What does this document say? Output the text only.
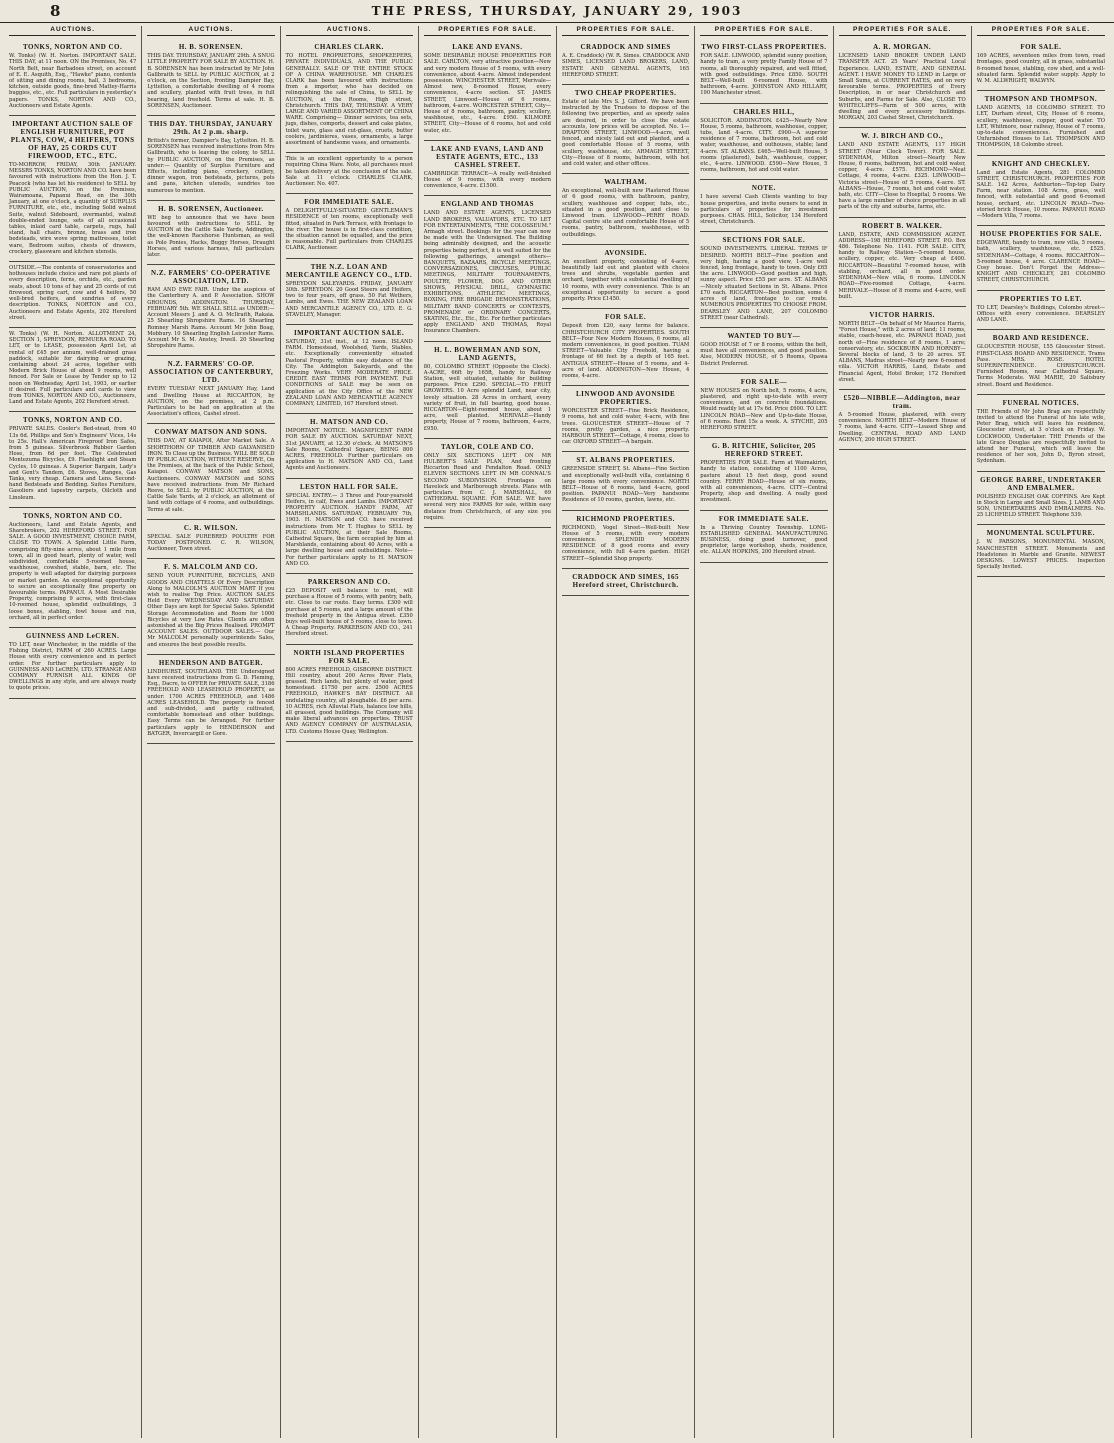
8	THE PRESS, THURSDAY, JANUARY 29, 1903
AUCTIONS.
TONKS, NORTON AND CO.

W. Tonks) (W. H. Norton. IMPORTANT SALE. THIS DAY, at 11 noon. ON the Premises, No. 47 North Belt, near Barbadoes street, on account of E. E. Asquith, Esq., "Hawke" piano, contents of sitting and dining rooms, hall, 3 bedrooms, kitchen, outside goods, fine-bred Mattey-Harris buggies, etc., etc. Full particulars in yesterday's papers. TONKS, NORTON AND CO., Auctioneers and Estate Agents.

IMPORTANT AUCTION SALE OF ENGLISH FURNITURE, POT PLANTS, COW, 4 HEIFERS, TONS OF HAY, 25 CORDS CUT FIREWOOD, ETC., ETC.

TO-MORROW, FRIDAY, 30th JANUARY. MESSRS TONKS, NORTON AND CO. have been favoured with instructions from the Hon. J. T. Peacock (who has let his residence) to SELL by PUBLIC AUCTION, on the Premises, Wairamoana, Papanui Road, on the 30th January, at one o'clock, a quantity of SURPLUS FURNITURE, etc., etc., including Solid walnut Suite, walnut Sideboard, overmantel, walnut double-ended lounge, sets of all occasional tables, inlaid card table, carpets, rugs, hall stand, hall chairs, bronze, brass and iron bedsteads, wire wove spring mattresses, toilet ware, Bedroom suites, chests of drawers, crockery, glassware and kitchen utensils.

OUTSIDE.—The contents of conservatories and hothouses include choice and rare pot plants of every description, ferns, orchids, etc., garden seats, about 10 tons of hay and 25 cords of cut firewood, spring cart, cow and 4 heifers, 50 well-bred heifers, and sundries of every description. TONKS, NORTON and CO., Auctioneers and Estate Agents, 202 Hereford street.

W. Tonks) (W. H. Norton. ALLOTMENT 24, SECTION 1, SPREYDON, REMUERA ROAD. TO LET, or to LEASE, possession April 1st, at rental of £45 per annum, well-drained grass paddock, suitable for dairying or grazing, containing about 24 acres, together with Modern Brick House of about 9 rooms, well fenced. For Sale or Lease by Tender up to 12 noon on Wednesday, April 1st, 1903, or earlier if desired. Full particulars and cards to view from TONKS, NORTON AND CO., Auctioneers, Land and Estate Agents, 202 Hereford street.

TONKS, NORTON AND CO.

PRIVATE SALES. Cooler's Bed-stead, from 40 13s 6d. Phillips and Son's Engineers' Vices, 14s to 25s. Hall's American Fireproof Iron Safes, from 5 guineas. Silverbrook Rubber Garden Hose, from 6d per foot. The Celebrated Montezuma Bicycles, £9. Flashlight and Steam Cycles, 10 guineas. A Superior Bargain, Lady's and Gent's Tandem, £6. Stoves, Ranges, Gas Tanks, very cheap. Camera and Lens. Second-hand Bedsteads and Bedding. Suites Furniture, Gasoliers and tapestry carpets, Oilcloth and Linoleum.

TONKS, NORTON AND CO.

Auctioneers, Land and Estate Agents, and Sharebrokers, 202 HEREFORD STREET. FOR SALE. A GOOD INVESTMENT, CHOICE FARM, CLOSE TO TOWN. A Splendid Little Farm, comprising fifty-nine acres, about 1 mile from town, all in good heart, plenty of water, well subdivided, comfortable 5-roomed house, washhouse, cowshed, stable, barn, etc. The property is well adapted for dairying purposes or market garden. An exceptional opportunity to secure an exceptionally fine property on favourable terms. PAPANUI. A Most Desirable Property, comprising 9 acres, with first-class 10-roomed house, splendid outbuildings, 3 loose boxes, stabling, fowl house and run, orchard, all in perfect order.

GUINNESS AND LeCREN.

TO LET, near Winchester, in the middle of the Fishing District, FARM of 260 ACRES. Large House with every convenience and in perfect order. For further particulars apply to GUINNESS AND LeCREN, LTD. STRANGE AND COMPANY FURNISH ALL KINDS OF DWELLINGS in any style, and are always ready to quote prices.

AUCTIONS.
H. B. SORENSEN.

THIS DAY. THURSDAY, JANUARY 29th. A SNUG LITTLE PROPERTY FOR SALE BY AUCTION. H. B. SORENSEN has been instructed by Mr John Gallbraith to SELL by PUBLIC AUCTION, at 2 o'clock, on the Section, fronting Dampier Bay, Lyttelton, a comfortable dwelling of 4 rooms and scullery, planted with fruit trees, in full bearing, land freehold. Terms at sale. H. B. SORENSEN, Auctioneer.

THIS DAY. THURSDAY, JANUARY 29th. At 2 p.m. sharp.

British's former, Dampier's Bay, Lyttelton. H. B. SORENSEN has received instructions from Mrs Gallbraith, who is leaving the colony, to SELL by PUBLIC AUCTION, on the Premises, as under:— Quantity of Surplus Furniture and Effects, including piano, crockery, cutlery, dinner wagon, iron bedsteads, pictures, pots and pans, kitchen utensils, sundries too numerous to mention.

H. B. SORENSEN, Auctioneer.

WE beg to announce that we have been favoured with instructions to SELL by AUCTION at the Cattle Sale Yards, Addington, the well-known Racehorse Huntsman, as well as Polo Ponies, Hacks, Buggy Horses, Draught Horses, and various harness, full particulars later.

N.Z. FARMERS' CO-OPERATIVE ASSOCIATION, LTD.

RAM AND EWE FAIR. Under the auspices of the Canterbury A. and P. Association. SHOW GROUNDS, ADDINGTON. THURSDAY, FEBRUARY 5th. WE SHALL SELL as UNDER:— Account Messrs J. and A. O. McIlraith, Rakaia. 25 Shearling Shropshire Rams. 16 Shearling Romney Marsh Rams. Account Mr John Boag, Mobbury. 10 Shearling English Leicester Rams. Account Mr S. M. Anstey, Irwell. 20 Shearling Shropshire Rams.

N.Z. FARMERS' CO-OP. ASSOCIATION OF CANTERBURY, LTD.

EVERY TUESDAY NEXT JANUARY Hay, Land and Dwelling House at RICCARTON, by AUCTION, on the premises, at 2 p.m. Particulars to be had on application at the Association's offices, Cashel street.

CONWAY MATSON AND SONS.

THIS DAY, AT KAIAPOI, After Market Sale. A SHORTHORN OF TIMBER AND GALVANISED IRON. To Close up the Business. WILL BE SOLD BY PUBLIC AUCTION, WITHOUT RESERVE, On the Premises, at the back of the Public School, Kaiapoi. CONWAY MATSON and SONS, Auctioneers. CONWAY MATSON and SONS have received instructions from Mr Richard Reeve, to SELL by PUBLIC AUCTION, at the Cattle Sale Yards, at 2 o'clock, an allotment of land with cottage of 4 rooms, and outbuildings. Terms at sale.

C. R. WILSON.

SPECIAL SALE PUREBRED POULTRY FOR TODAY POSTPONED. C. R. WILSON, Auctioneer, Town street.

F. S. MALCOLM AND CO.

SEND YOUR FURNITURE, BICYCLES, AND GOODS AND CHATTELS Of Every Description Along to MALCOLM'S AUCTION MART If you wish to realise Top Price. AUCTION SALES Held Every WEDNESDAY AND SATURDAY. Other Days are kept for Special Sales. Splendid Storage Accommodation and Room for 1000 Bicycles at very Low Rates. Clients are often astonished at the Big Prices Realised. PROMPT ACCOUNT SALES. OUTDOOR SALES.— Our Mr MALCOLM personally superintends Sales, and ensures the best possible results.

HENDERSON AND BATGER.

LINDHURST, SOUTHLAND. THE Undersigned have received instructions from G. D. Fleming, Esq., Dacre, to OFFER for PRIVATE SALE, 3186 FREEHOLD AND LEASEHOLD PROPERTY, as under: 1700 ACRES FREEHOLD, and 1486 ACRES LEASEHOLD. The property is fenced and sub-divided, and partly cultivated, comfortable homestead and other buildings. Easy Terms can be Arranged. For further particulars apply to HENDERSON and BATGER, Invercargill or Gore.

AUCTIONS.
CHARLES CLARK.

TO HOTEL PROPRIETORS, SHOPKEEPERS, PRIVATE INDIVIDUALS, AND THE PUBLIC GENERALLY. SALE OF THE ENTIRE STOCK OF A CHINA WAREHOUSE. MR CHARLES CLARK has been favoured with instructions from a importer, who has decided on relinquishing the sale of China, to SELL by AUCTION, at the Rooms, High street, Christchurch. THIS DAY, THURSDAY. A VERY LARGE AND VARIED ASSORTMENT OF CHINA WARE. Comprising— Dinner services, tea sets, jugs, dishes, comports, dessert and cake plates, toilet ware, glass and cut-glass, cruets, butter coolers, jardinieres, vases, ornaments, a large assortment of handsome vases, and ornaments.

This is an excellent opportunity to a person requiring China Ware. Note, all purchases must be taken delivery at the conclusion of the sale. Sale at 11 o'clock. CHARLES CLARK, Auctioneer. No. 407.

FOR IMMEDIATE SALE.

A DELIGHTFULLY-SITUATED GENTLEMAN'S RESIDENCE of ten rooms, exceptionally well fitted, situated in Park Terrace, with frontage to the river. The house is in first-class condition, the situation cannot be equalled, and the price is reasonable. Full particulars from CHARLES CLARK, Auctioneer.

THE N.Z. LOAN AND MERCANTILE AGENCY CO., LTD.

SPREYDON SALEYARDS. FRIDAY, JANUARY 30th. SPREYDON. 20 Good Steers and Heifers, two to four years, off grass. 50 Fat Wethers, Lambs, and Ewes. THE NEW ZEALAND LOAN AND MERCANTILE AGENCY CO., LTD. E. G. STAVELEY, Manager.

IMPORTANT AUCTION SALE.

SATURDAY, 31st inst., at 12 noon. ISLAND FARM. Homestead, Woolshed, Yards, Stables, etc. Exceptionally conveniently situated Pastoral Property, within easy distance of the City. The Addington Saleyards, and the Freezing Works. VERY MODERATE PRICE. CREDIT. EASY TERMS FOR PAYMENT. Full CONDITIONS of SALE may be seen on application at the City Office of the NEW ZEALAND LOAN AND MERCANTILE AGENCY COMPANY, LIMITED, 167 Hereford street.

H. MATSON AND CO.

IMPORTANT NOTICE. MAGNIFICENT FARM FOR SALE BY AUCTION. SATURDAY NEXT, 31st JANUARY, at 12.30 o'clock. At MATSON'S Sale Rooms, Cathedral Square, BEING 800 ACRES, FREEHOLD. Further particulars on application to H. MATSON AND CO., Land Agents and Auctioneers.

LESTON HALL FOR SALE.

SPECIAL ENTRY.— 3 Three and Four-yearsold Heifers, in calf, Ewes and Lambs. IMPORTANT PROPERTY AUCTION. HANDY FARM, AT MARSHLANDS. SATURDAY, FEBRUARY 7th, 1903. H. MATSON and CO. have received instructions from Mr T. Hughes to SELL by PUBLIC AUCTION, at their Sale Rooms, Cathedral Square, the farm occupied by him at Marshlands, containing about 40 Acres, with a large dwelling house and outbuildings. Note—For further particulars apply to H. MATSON AND CO.

PARKERSON AND CO.

£25 DEPOSIT will balance to rent, will purchase a House of 5 rooms, with pantry, bath, etc. Close to car route. Easy terms. £300 will purchase at 5 rooms, and a large amount of the freehold property in the Antigua street. £350 buys well-built house of 5 rooms, close to town. A Cheap Property. PARKERSON AND CO., 241 Hereford street.

NORTH ISLAND PROPERTIES FOR SALE.

800 ACRES FREEHOLD, GISBORNE DISTRICT. Hill country, about 200 Acres River Flats, grassed. Rich lands, but plenty of water, good homestead. £1750 per acre. 2500 ACRES FREEHOLD, HAWKE'S BAY DISTRICT. All undulating country, all ploughable. £6 per acre. 10 ACRES, rich Alluvial Flats, balance low hills, all grassed, good buildings. The Company will make liberal advances on properties. TRUST AND AGENCY COMPANY OF AUSTRALASIA, LTD. Customs House Quay, Wellington.

PROPERTIES FOR SALE.
LAKE AND EVANS.

SOME DESIRABLE HOUSE PROPERTIES FOR SALE. CARLTON, very attractive position—New and very modern House of 5 rooms, with every convenience, about 4-acre. Almost independent possession. WINCHESTER STREET, Merivale—Almost new, 8-roomed House, every convenience, 4-acre section. ST. JAMES STREET, Linwood—House of 6 rooms, bathroom, 4-acre. WORCESTER STREET, City—House of 8 rooms, bathroom, pantry, scullery, washhouse, etc., 4-acre. £950. KILMORE STREET, City—House of 6 rooms, hot and cold water, etc.

LAKE AND EVANS, LAND AND ESTATE AGENTS, ETC., 133 CASHEL STREET.

CAMBRIDGE TERRACE—A really well-finished House of 9 rooms, with every modern convenience, 4-acre. £1500.

ENGLAND AND THOMAS

LAND AND ESTATE AGENTS, LICENSED LAND BROKERS, VALUATORS, ETC. TO LET FOR ENTERTAINMENTS, "THE COLOSSEUM." Armagh street. Bookings for the year can now be made with the Undersigned. The Building being admirably designed, and the acoustic properties being perfect, it is well suited for the following gatherings, amongst others— BANQUETS, BAZAARS, BICYCLE MEETINGS, CONVERSAZIONES, CIRCUSES, PUBLIC MEETINGS, MILITARY TOURNAMENTS, POULTRY, FLOWER, DOG AND OTHER SHOWS, PHYSICAL DRILL, GYMNASTIC EXHIBITIONS, ATHLETIC MEETINGS, BOXING, FIRE BRIGADE DEMONSTRATIONS, MILITARY BAND CONCERTS or CONTESTS, PROMENADE or ORDINARY CONCERTS, SKATING, Etc., Etc., Etc. For further particulars apply ENGLAND AND THOMAS, Royal Insurance Chambers.

H. L. BOWERMAN AND SON, LAND AGENTS,

80, COLOMBO STREET (Opposite the Clock). A-ACRE, 66ft by 165ft, handy to Railway Station, well situated, suitable for building purposes. Price £290. SPECIAL—TO FRUIT GROWERS. 10 Acre splendid Land, near city, lovely situation. 28 Acres in orchard, every variety of fruit, in full bearing, good house. RICCARTON—Eight-roomed house, about 1 acre, well planted. MERIVALE—Handy property, House of 7 rooms, bathroom, 4-acre, £950.

TAYLOR, COLE AND CO.

ONLY SIX SECTIONS LEFT ON MR HULBERT'S SALE PLAN, And fronting Riccarton Road and Fendalton Road. ONLY ELEVEN SECTIONS LEFT IN MR CONNAL'S SECOND SUBDIVISION. Frontages on Havelock and Marlborough streets. Plans with particulars from C. J. MARSHALL, 69 CATHEDRAL SQUARE. FOR SALE. WE have several very nice FARMS for sale, within easy distance from Christchurch, of any size you require.

PROPERTIES FOR SALE.
CRADDOCK AND SIMES

A. E. Craddock) (W. R. Simes. CRADDOCK AND SIMES, LICENSED LAND BROKERS, LAND, ESTATE AND GENERAL AGENTS, 165 HEREFORD STREET.

TWO CHEAP PROPERTIES.

Estate of late Mrs S. J. Gifford. We have been instructed by the Trustees to dispose of the following two properties, and as speedy sales are desired, in order to close the estate accounts, low prices will be accepted. No. 1—DRAPTON STREET, LINWOOD—4-acre, well fenced, and nicely laid out and planted, and a good comfortable House of 5 rooms, with scullery, washhouse, etc. ARMAGH STREET, City—House of 8 rooms, bathroom, with hot and cold water, and other offices.

WALTHAM.

An exceptional, well-built new Plastered House of 6 good rooms, with bathroom, pantry, scullery, washhouse and copper, tubs, etc., situated in a good position, and close to Linwood tram. LINWOOD—PERRY ROAD. Capital centre site and comfortable House of 5 rooms, pantry, bathroom, washhouse, with outbuildings.

AVONSIDE.

An excellent property, consisting of 4-acre, beautifully laid out and planted with choice trees and shrubs, vegetable garden and orchard, together with a substantial dwelling of 10 rooms, with every convenience. This is an exceptional opportunity to secure a good property. Price £1450.

FOR SALE.

Deposit from £20, easy terms for balance. CHRISTCHURCH CITY PROPERTIES. SOUTH BELT—Four New Modern Houses, 6 rooms, all modern conveniences, in good position. TUAM STREET—Valuable City Freehold, having a frontage of 66 feet by a depth of 165 feet. ANTIGUA STREET—House of 5 rooms, and 4-acre of land. ADDINGTON—New House, 4 rooms, 4-acre.

LINWOOD AND AVONSIDE PROPERTIES.

WORCESTER STREET—Fine Brick Residence, 9 rooms, hot and cold water, 4-acre, with fine trees. GLOUCESTER STREET—House of 7 rooms, pretty garden, a nice property. HARBOUR STREET—Cottage, 4 rooms, close to car. OXFORD STREET—A bargain.

ST. ALBANS PROPERTIES.

GREENSIDE STREET, St. Albans—Fine Section and exceptionally well-built villa, containing 6 large rooms with every convenience. NORTH BELT—House of 6 rooms, land 4-acre, good position. PAPANUI ROAD—Very handsome Residence of 10 rooms, garden, lawns, etc.

RICHMOND PROPERTIES.

RICHMOND, Vogel Street—Well-built New House of 5 rooms, with every modern convenience. SPLENDID MODERN RESIDENCE of 8 good rooms and every convenience, with full 4-acre garden. HIGH STREET—Splendid Shop property.

CRADDOCK AND SIMES, 165 Hereford street, Christchurch.
PROPERTIES FOR SALE.
TWO FIRST-CLASS PROPERTIES.

FOR SALE. LINWOOD, splendid sunny position, handy to tram, a very pretty Family House of 7 rooms, all thoroughly repaired, and well fitted, with good outbuildings. Price £850. SOUTH BELT—Well-built 6-roomed House, with bathroom, 4-acre. JOHNSTON AND HILLARY, 190 Manchester street.

CHARLES HILL,

SOLICITOR. ADDINGTON. £425—Nearly New House, 5 rooms, bathroom, washhouse, copper, tubs, land 4-acre. CITY. £900—A superior residence of 7 rooms, bathroom, hot and cold water, washhouse, and outhouses, stable; land 4-acre. ST. ALBANS. £465—Well-built House, 5 rooms (plastered), bath, washhouse, copper, etc., 4-acre. LINWOOD. £590—New House, 5 rooms, bathroom, hot and cold water.

NOTE.

I have several Cash Clients wanting to buy house properties, and invite owners to send in particulars of properties for investment purposes. CHAS. HILL, Solicitor, 134 Hereford street, Christchurch.

SECTIONS FOR SALE.

SOUND INVESTMENTS. LIBERAL TERMS IF DESIRED. NORTH BELT—Fine position and very high, having a good view, 1-acre well fenced, long frontage, handy to town. Only £65 the acre. LINWOOD—Good position and high, sunny aspect. Price £55 per acre. ST. ALBANS—Nicely situated Sections in St. Albans. Price £70 each. RICCARTON—Best position, some 4 acres of land, frontage to car route. NUMEROUS PROPERTIES TO CHOOSE FROM. DEARSLEY AND LANE, 207 COLOMBO STREET (near Cathedral).

WANTED TO BUY—

GOOD HOUSE of 7 or 8 rooms, within the belt, must have all conveniences, and good position. Also, MODERN HOUSE, of 5 Rooms, Opawa District Preferred.

FOR SALE—

NEW HOUSES on North belt, 5 rooms, 4 acre, plastered, and right up-to-date with every convenience, and on concrete foundations. Would readily let at 17s 6d. Price £600. TO LET. LINCOLN ROAD—New and Up-to-date House, of 6 rooms. Rent 15s a week. A. STYCHE, 205 HEREFORD STREET.

G. B. RITCHIE, Solicitor, 205 HEREFORD STREET.

PROPERTIES FOR SALE. Farm at Waimakiriri, handy to station, consisting of 1100 Acres, pasture about 15 feet deep, good sound country. FERRY ROAD—House of six rooms, with all conveniences, 4-acre. CITY—Central Property, shop and dwelling. A really good investment.

FOR IMMEDIATE SALE.

In a Thriving Country Township. LONG-ESTABLISHED GENERAL MANUFACTURING BUSINESS, doing good turnover, good proprietor, large workshop, sheds, residence, etc. ALLAN HOPKINS, 200 Hereford street.

PROPERTIES FOR SALE.
A. R. MORGAN.

LICENSED LAND BROKER UNDER LAND TRANSFER ACT. 25 Years' Practical Local Experience. LAND, ESTATE, AND GENERAL AGENT. I HAVE MONEY TO LEND in Large or Small Sums, at CURRENT RATES, and on very favourable terms. PROPERTIES of Every Description, in or near Christchurch and Suburbs, and Farms for Sale. Also, CLOSE TO WHITECLIFFS—Farm of 500 acres, with dwelling and every accessory buildings. MORGAN, 203 Cashel Street, Christchurch.

W. J. BIRCH AND CO.,

LAND AND ESTATE AGENTS, 117 HIGH STREET (Near Clock Tower). FOR SALE. SYDENHAM, Milton street—Nearly New House, 6 rooms, bathroom, hot and cold water, copper, 4-acre. £575. RICHMOND—Neat Cottage, 4 rooms, 4-acre. £325. LINWOOD—Victoria street—House of 5 rooms, 4-acre. ST. ALBANS—House, 7 rooms, hot and cold water, bath, etc. CITY—Close to Hospital, 5 rooms. We have a large number of choice properties in all parts of the city and suburbs, farms, etc.

ROBERT B. WALKER.

LAND, ESTATE, AND COMMISSION AGENT. ADDRESS—198 HEREFORD STREET. P.O. Box 486. Telephone No. 1141. FOR SALE. CITY, handy to Railway Station—5-roomed house, scullery, copper, etc. Very cheap at £400. RICCARTON—Beautiful 7-roomed house, with stabling, orchard, all in good order. SYDENHAM—New villa, 6 rooms. LINCOLN ROAD—Five-roomed Cottage, 4-acre. MERIVALE—House of 8 rooms and 4-acre, well built.

VICTOR HARRIS.

NORTH BELT—On behalf of Mr Maurice Harris, "Forest House," with 2 acres of land; 11 rooms, stable, coach-house, etc. PAPANUI ROAD, just north of—Fine residence of 8 rooms, 1 acre; conservatory, etc. SOCKBURN AND HORNBY—Several blocks of land, 5 to 20 acres. ST. ALBANS, Madras street—Nearly new 6-roomed villa. VICTOR HARRIS, Land, Estate and Financial Agent, Hotel Broker, 172 Hereford street.

£520—NIBBLE—Addington, near tram.

A 5-roomed House, plastered, with every convenience. NORTH BELT—Modern House of 7 rooms, land 4-acre. CITY—Leased Shop and Dwelling. CENTRAL ROAD AND LAND AGENCY, 200 HIGH STREET.

PROPERTIES FOR SALE.
FOR SALE.

169 ACRES, seventeen miles from town, road frontages, good country, all in grass, substantial 6-roomed house, stabling, cow shed, and a well-situated farm. Splendid water supply. Apply to W. M. ALLWRIGHT, WALWYN.

THOMPSON AND THOMPSON.

LAND AGENTS, 18 COLOMBO STREET. TO LET, Durham street, City, House of 6 rooms, scullery, washhouse, copper, good water. TO LET, Whitmore, near railway, House of 7 rooms, up-to-date conveniences. Furnished and Unfurnished Houses to Let. THOMPSON AND THOMPSON, 18 Colombo street.

KNIGHT AND CHECKLEY.

Land and Estate Agents, 281 COLOMBO STREET, CHRISTCHURCH. PROPERTIES FOR SALE. 142 Acres, Ashburton—Top-top Dairy Farm, near station. 108 Acres, grass, well fenced, with substantial and good 6-roomed house, orchard, etc. LINCOLN ROAD—Two-storied brick House, 10 rooms. PAPANUI ROAD—Modern Villa, 7 rooms.

HOUSE PROPERTIES FOR SALE.

EDGEWARE, handy to tram, new villa, 5 rooms, bath, scullery, washhouse, etc. £525. SYDENHAM—Cottage, 4 rooms. RICCARTON—5-roomed house, 4 acre. CLARENCE ROAD—Cosy house. Don't Forget the Address— KNIGHT AND CHECKLEY, 281 COLOMBO STREET, CHRISTCHURCH.

PROPERTIES TO LET.

TO LET, Dearsley's Buildings, Colombo street—Offices with every convenience. DEARSLEY AND LANE.

BOARD AND RESIDENCE.

GLOUCESTER HOUSE, 155 Gloucester Street. FIRST-CLASS BOARD AND RESIDENCE. Trams Pass. MRS. ROSE. HOTEL SUPERINTENDENCE. CHRISTCHURCH. Furnished Rooms, near Cathedral Square. Terms Moderate. WAI MARIE, 20 Salisbury street. Board and Residence.

FUNERAL NOTICES.

THE Friends of Mr John Brag are respectfully invited to attend the Funeral of his late wife, Peter Brag, which will leave his residence, Gloucester street, at 3 o'clock on Friday. W. LOCKWOOD, Undertaker. THE Friends of the late Grace Douglas are respectfully invited to attend her Funeral, which will leave the residence of her son, John D., Byron street, Sydenham.

GEORGE BARRE, UNDERTAKER AND EMBALMER.

POLISHED ENGLISH OAK COFFINS. Are Kept in Stock in Large and Small Sizes. J. LAMB AND SON, UNDERTAKERS AND EMBALMERS. No. 25 LICHFIELD STREET. Telephone 539.

MONUMENTAL SCULPTURE.

J. W. PARSONS, MONUMENTAL MASON, MANCHESTER STREET. Monuments and Headstones in Marble and Granite. NEWEST DESIGNS. LOWEST PRICES. Inspection Specially Invited.
